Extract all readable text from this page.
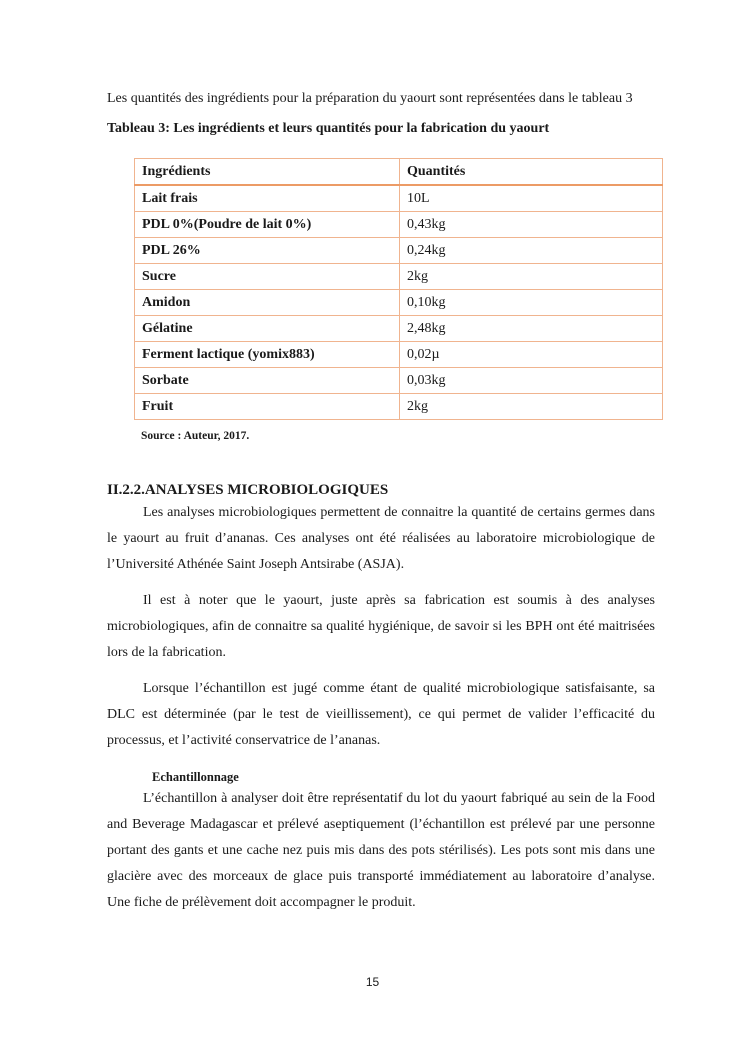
Les quantités des ingrédients pour la préparation du yaourt sont représentées dans le tableau 3

Tableau 3: Les ingrédients et leurs quantités pour la fabrication du yaourt
Ingrédients	Quantités
Lait frais	10L
PDL 0%(Poudre de lait 0%)	0,43kg
PDL 26%	0,24kg
Sucre	2kg
Amidon	0,10kg
Gélatine	2,48kg
Ferment lactique (yomix883)	0,02µ
Sorbate	0,03kg
Fruit	2kg
Source : Auteur, 2017.
II.2.2.ANALYSES MICROBIOLOGIQUES

Les analyses microbiologiques permettent de connaitre la quantité de certains germes dans le yaourt au fruit d’ananas. Ces analyses ont été réalisées au laboratoire microbiologique de l’Université Athénée Saint Joseph Antsirabe (ASJA).

Il est à noter que le yaourt, juste après sa fabrication est soumis à des analyses microbiologiques, afin de connaitre sa qualité hygiénique, de savoir si les BPH ont été maitrisées lors de la fabrication.

Lorsque l’échantillon est jugé comme étant de qualité microbiologique satisfaisante, sa DLC est déterminée (par le test de vieillissement), ce qui permet de valider l’efficacité du processus, et l’activité conservatrice de l’ananas.

Echantillonnage

L’échantillon à analyser doit être représentatif du lot du yaourt fabriqué au sein de la Food and Beverage Madagascar et prélevé aseptiquement (l’échantillon est prélevé par une personne portant des gants et une cache nez puis mis dans des pots stérilisés). Les pots sont mis dans une glacière avec des morceaux de glace puis transporté immédiatement au laboratoire d’analyse. Une fiche de prélèvement doit accompagner le produit.

15
